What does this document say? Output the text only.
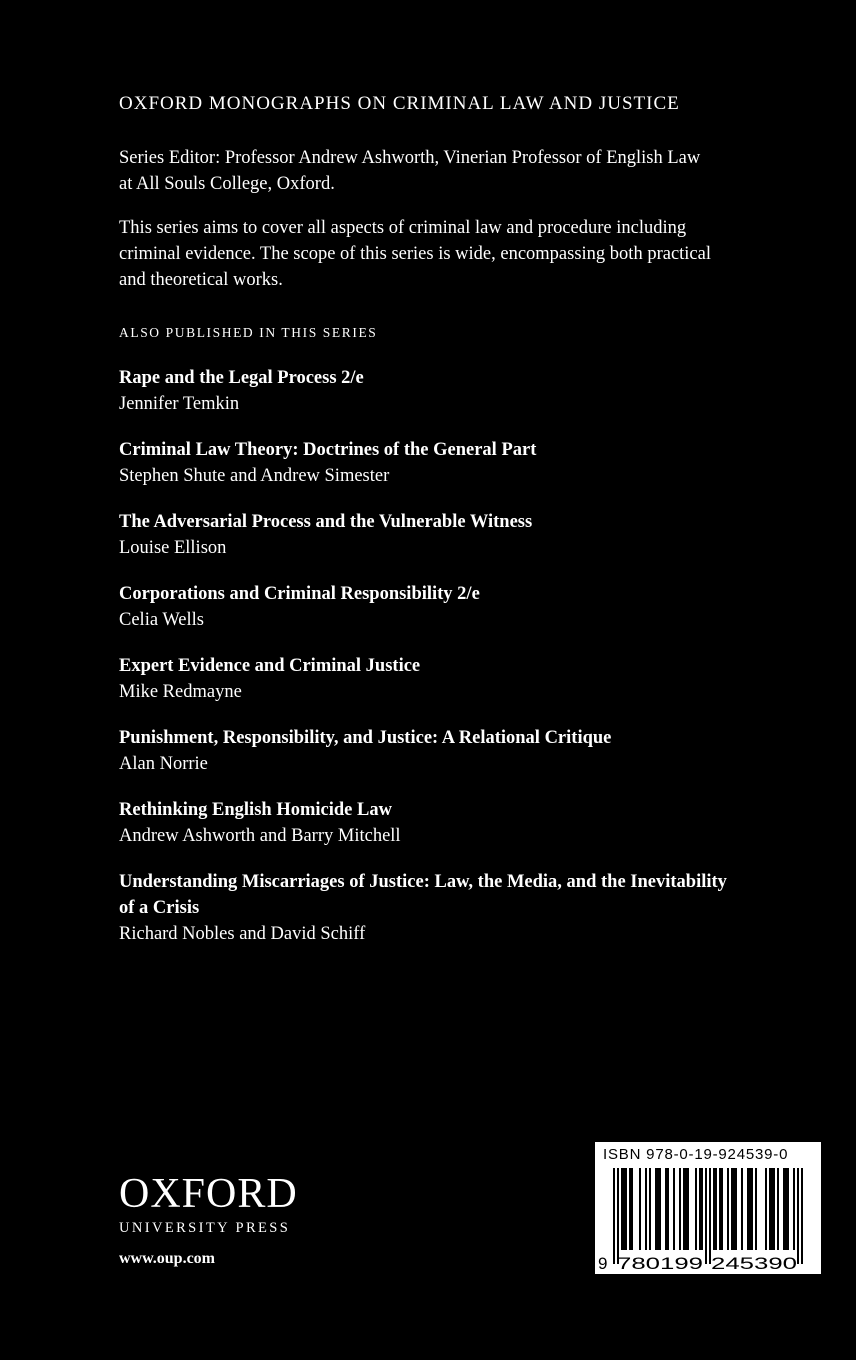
OXFORD MONOGRAPHS ON CRIMINAL LAW AND JUSTICE
Series Editor: Professor Andrew Ashworth, Vinerian Professor of English Law
at All Souls College, Oxford.
This series aims to cover all aspects of criminal law and procedure including
criminal evidence. The scope of this series is wide, encompassing both practical
and theoretical works.
ALSO PUBLISHED IN THIS SERIES
Rape and the Legal Process 2/e
Jennifer Temkin
Criminal Law Theory: Doctrines of the General Part
Stephen Shute and Andrew Simester
The Adversarial Process and the Vulnerable Witness
Louise Ellison
Corporations and Criminal Responsibility 2/e
Celia Wells
Expert Evidence and Criminal Justice
Mike Redmayne
Punishment, Responsibility, and Justice: A Relational Critique
Alan Norrie
Rethinking English Homicide Law
Andrew Ashworth and Barry Mitchell
Understanding Miscarriages of Justice: Law, the Media, and the Inevitability
of a Crisis
Richard Nobles and David Schiff
OXFORD
UNIVERSITY PRESS
www.oup.com
ISBN 978-0-19-924539-0
9 780199 245390
